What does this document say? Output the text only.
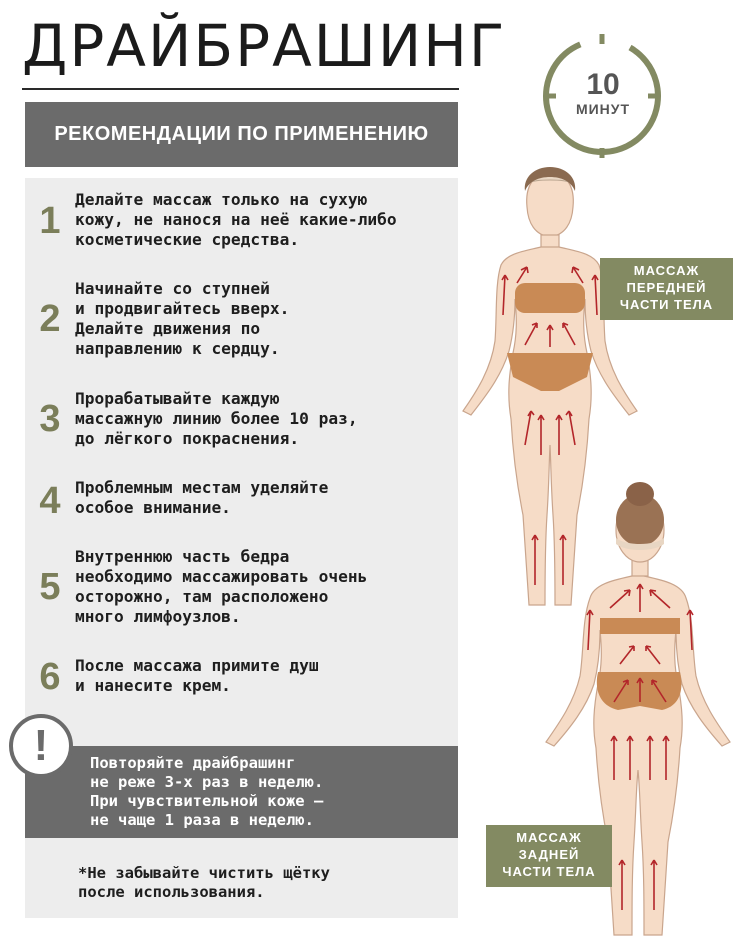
ДРАЙБРАШИНГ
10
МИНУТ
РЕКОМЕНДАЦИИ ПО ПРИМЕНЕНИЮ
1
Делайте массаж только на сухую
кожу, не нанося на неё какие-либо
косметические средства.
2
Начинайте со ступней
и продвигайтесь вверх.
Делайте движения по
направлению к сердцу.
3 Прорабатывайте каждую
массажную линию более 10 раз,
до лёгкого покраснения.
4 Проблемным местам уделяйте
особое внимание.
5
Внутреннюю часть бедра
необходимо массажировать очень
осторожно, там расположено
много лимфоузлов.
6 После массажа примите душ
и нанесите крем.
!	Повторяйте драйбрашинг
не реже 3-х раз в неделю.
При чувствительной коже —
не чаще 1 раза в неделю.
*Не забывайте чистить щётку
после использования.
МАССАЖ
ПЕРЕДНЕЙ
ЧАСТИ ТЕЛА
МАССАЖ
ЗАДНЕЙ
ЧАСТИ ТЕЛА
